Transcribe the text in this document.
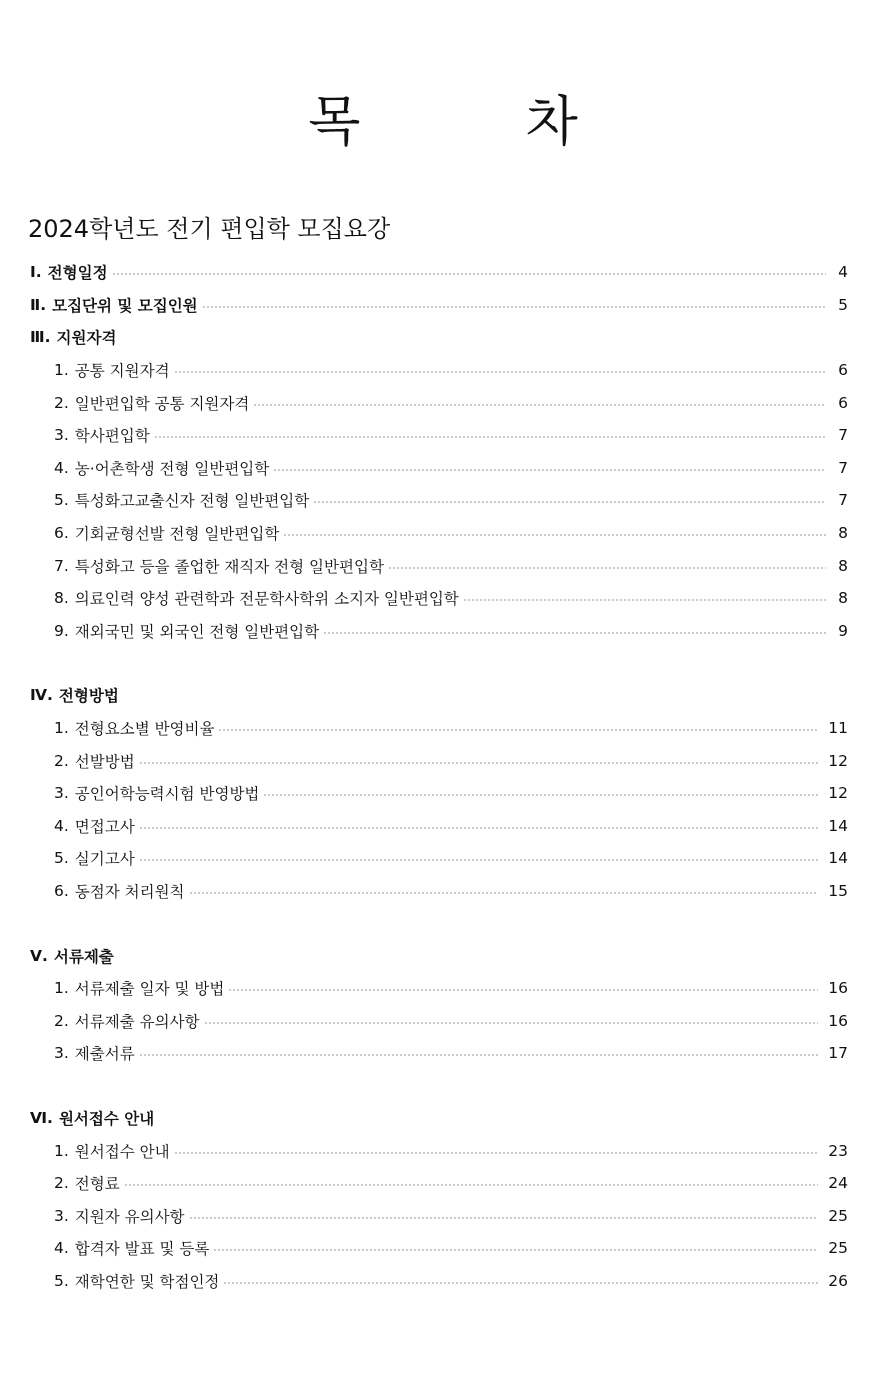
목 차
2024학년도 전기 편입학 모집요강
Ⅰ. 전형일정	4
Ⅱ. 모집단위 및 모집인원	5
Ⅲ. 지원자격
1. 공통 지원자격	6
2. 일반편입학 공통 지원자격	6
3. 학사편입학	7
4. 농·어촌학생 전형 일반편입학	7
5. 특성화고교출신자 전형 일반편입학	7
6. 기회균형선발 전형 일반편입학	8
7. 특성화고 등을 졸업한 재직자 전형 일반편입학	8
8. 의료인력 양성 관련학과 전문학사학위 소지자 일반편입학	8
9. 재외국민 및 외국인 전형 일반편입학	9
Ⅳ. 전형방법
1. 전형요소별 반영비율	11
2. 선발방법	12
3. 공인어학능력시험 반영방법	12
4. 면접고사	14
5. 실기고사	14
6. 동점자 처리원칙	15
Ⅴ. 서류제출
1. 서류제출 일자 및 방법	16
2. 서류제출 유의사항	16
3. 제출서류	17
Ⅵ. 원서접수 안내
1. 원서접수 안내	23
2. 전형료	24
3. 지원자 유의사항	25
4. 합격자 발표 및 등록	25
5. 재학연한 및 학점인정	26
